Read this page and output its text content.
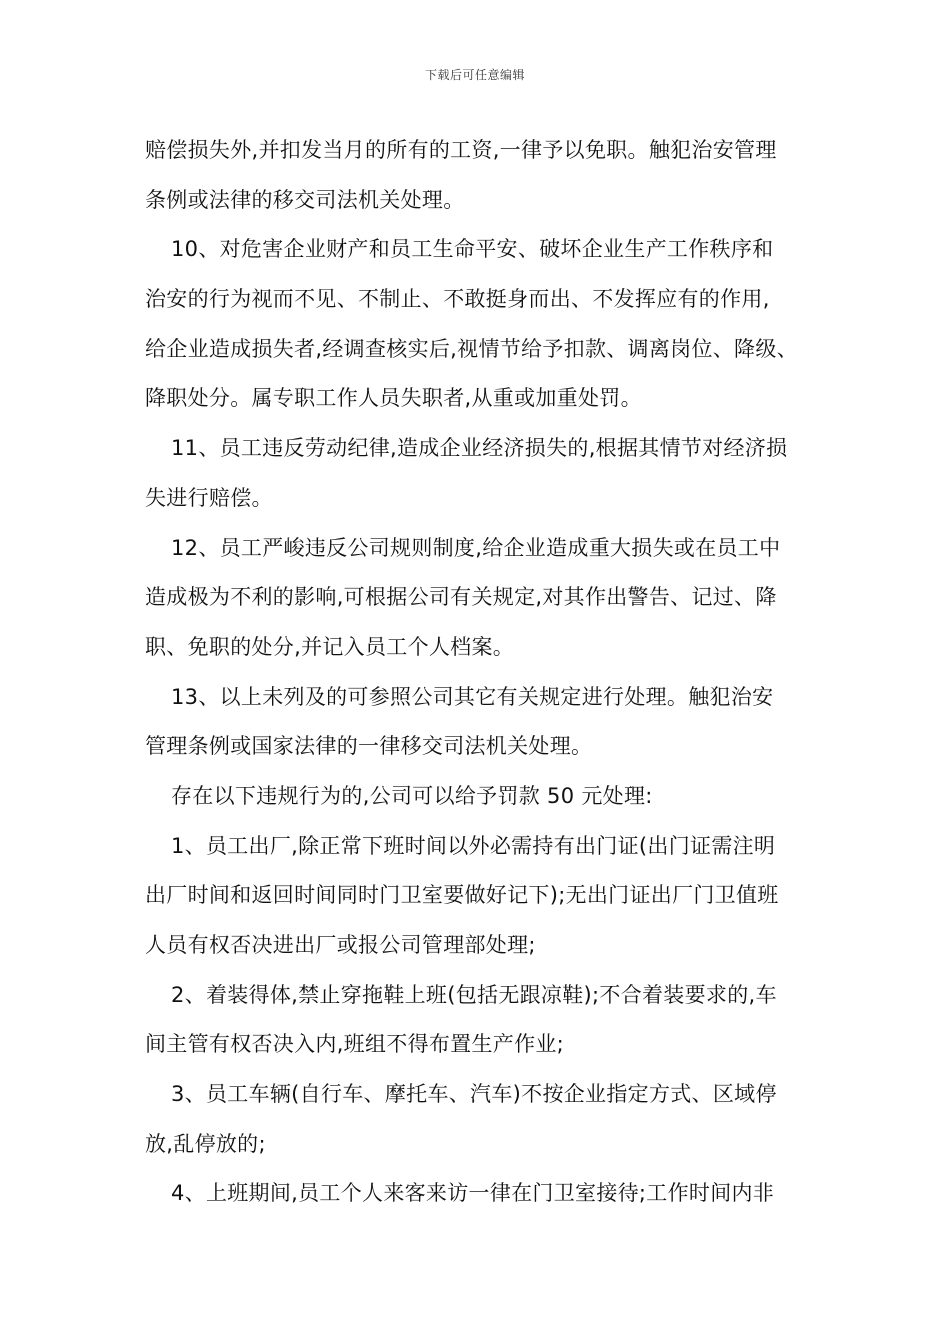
下载后可任意编辑
赔偿损失外,并扣发当月的所有的工资,一律予以免职。触犯治安管理
条例或法律的移交司法机关处理。
10、对危害企业财产和员工生命平安、破坏企业生产工作秩序和
治安的行为视而不见、不制止、不敢挺身而出、不发挥应有的作用,
给企业造成损失者,经调查核实后,视情节给予扣款、调离岗位、降级、
降职处分。属专职工作人员失职者,从重或加重处罚。
11、员工违反劳动纪律,造成企业经济损失的,根据其情节对经济损
失进行赔偿。
12、员工严峻违反公司规则制度,给企业造成重大损失或在员工中
造成极为不利的影响,可根据公司有关规定,对其作出警告、记过、降
职、免职的处分,并记入员工个人档案。
13、以上未列及的可参照公司其它有关规定进行处理。触犯治安
管理条例或国家法律的一律移交司法机关处理。
存在以下违规行为的,公司可以给予罚款 50 元处理:
1、员工出厂,除正常下班时间以外必需持有出门证(出门证需注明
出厂时间和返回时间同时门卫室要做好记下);无出门证出厂门卫值班
人员有权否决进出厂或报公司管理部处理;
2、着装得体,禁止穿拖鞋上班(包括无跟凉鞋);不合着装要求的,车
间主管有权否决入内,班组不得布置生产作业;
3、员工车辆(自行车、摩托车、汽车)不按企业指定方式、区域停
放,乱停放的;
4、上班期间,员工个人来客来访一律在门卫室接待;工作时间内非
